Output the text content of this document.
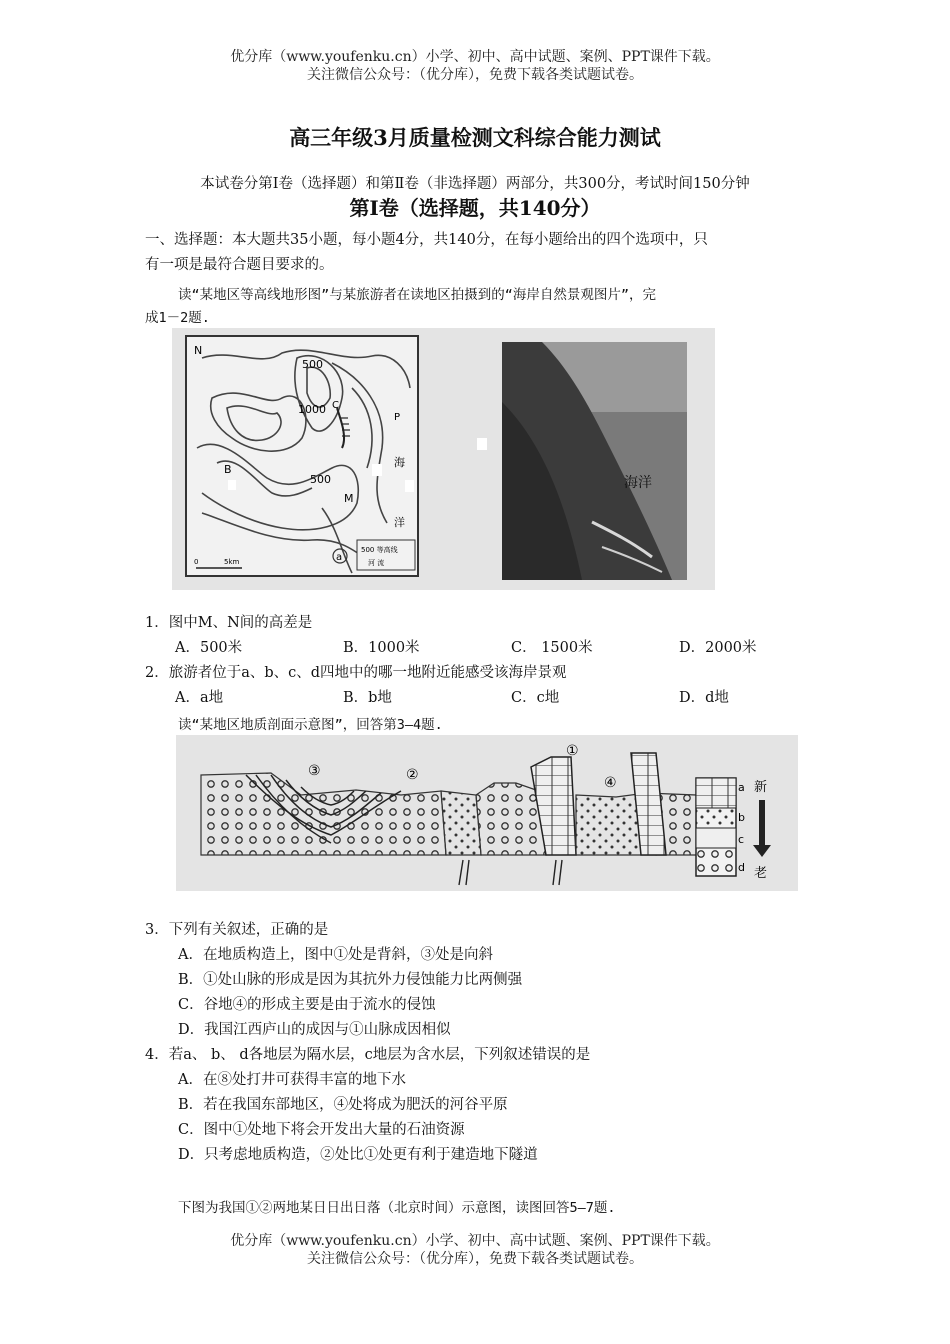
优分库（www.youfenku.cn）小学、初中、高中试题、案例、PPT课件下载。
关注微信公众号：（优分库），免费下载各类试题试卷。
高三年级3月质量检测文科综合能力测试
本试卷分第Ⅰ卷（选择题）和第Ⅱ卷（非选择题）两部分，共300分，考试时间150分钟
第Ⅰ卷（选择题，共140分）
一、选择题：本大题共35小题，每小题4分，共140分，在每小题给出的四个选项中，只
有一项是最符合题目要求的。
读“某地区等高线地形图”与某旅游者在读地区拍摄到的“海岸自然景观图片”，完
成1－2题.
N
500
1000 C
B
500
M
a
P
海
洋
500 等高线
河 流
0	5km
海洋
1．图中M、N间的高差是
A．500米	B．1000米	C． 1500米	D．2000米
2．旅游者位于a、b、c、d四地中的哪一地附近能感受该海岸景观
A．a地	B．b地	C．c地	D．d地
读“某地区地质剖面示意图”，回答第3—4题.
①
②
③
④	a
b
c
d
新
老
3．下列有关叙述，正确的是
A．在地质构造上，图中①处是背斜，③处是向斜
B．①处山脉的形成是因为其抗外力侵蚀能力比两侧强
C．谷地④的形成主要是由于流水的侵蚀
D．我国江西庐山的成因与①山脉成因相似
4．若a、 b、 d各地层为隔水层，c地层为含水层，下列叙述错误的是
A．在⑧处打井可获得丰富的地下水
B．若在我国东部地区，④处将成为肥沃的河谷平原
C．图中①处地下将会开发出大量的石油资源
D．只考虑地质构造，②处比①处更有利于建造地下隧道
下图为我国①②两地某日日出日落（北京时间）示意图，读图回答5—7题.
优分库（www.youfenku.cn）小学、初中、高中试题、案例、PPT课件下载。
关注微信公众号：（优分库），免费下载各类试题试卷。
